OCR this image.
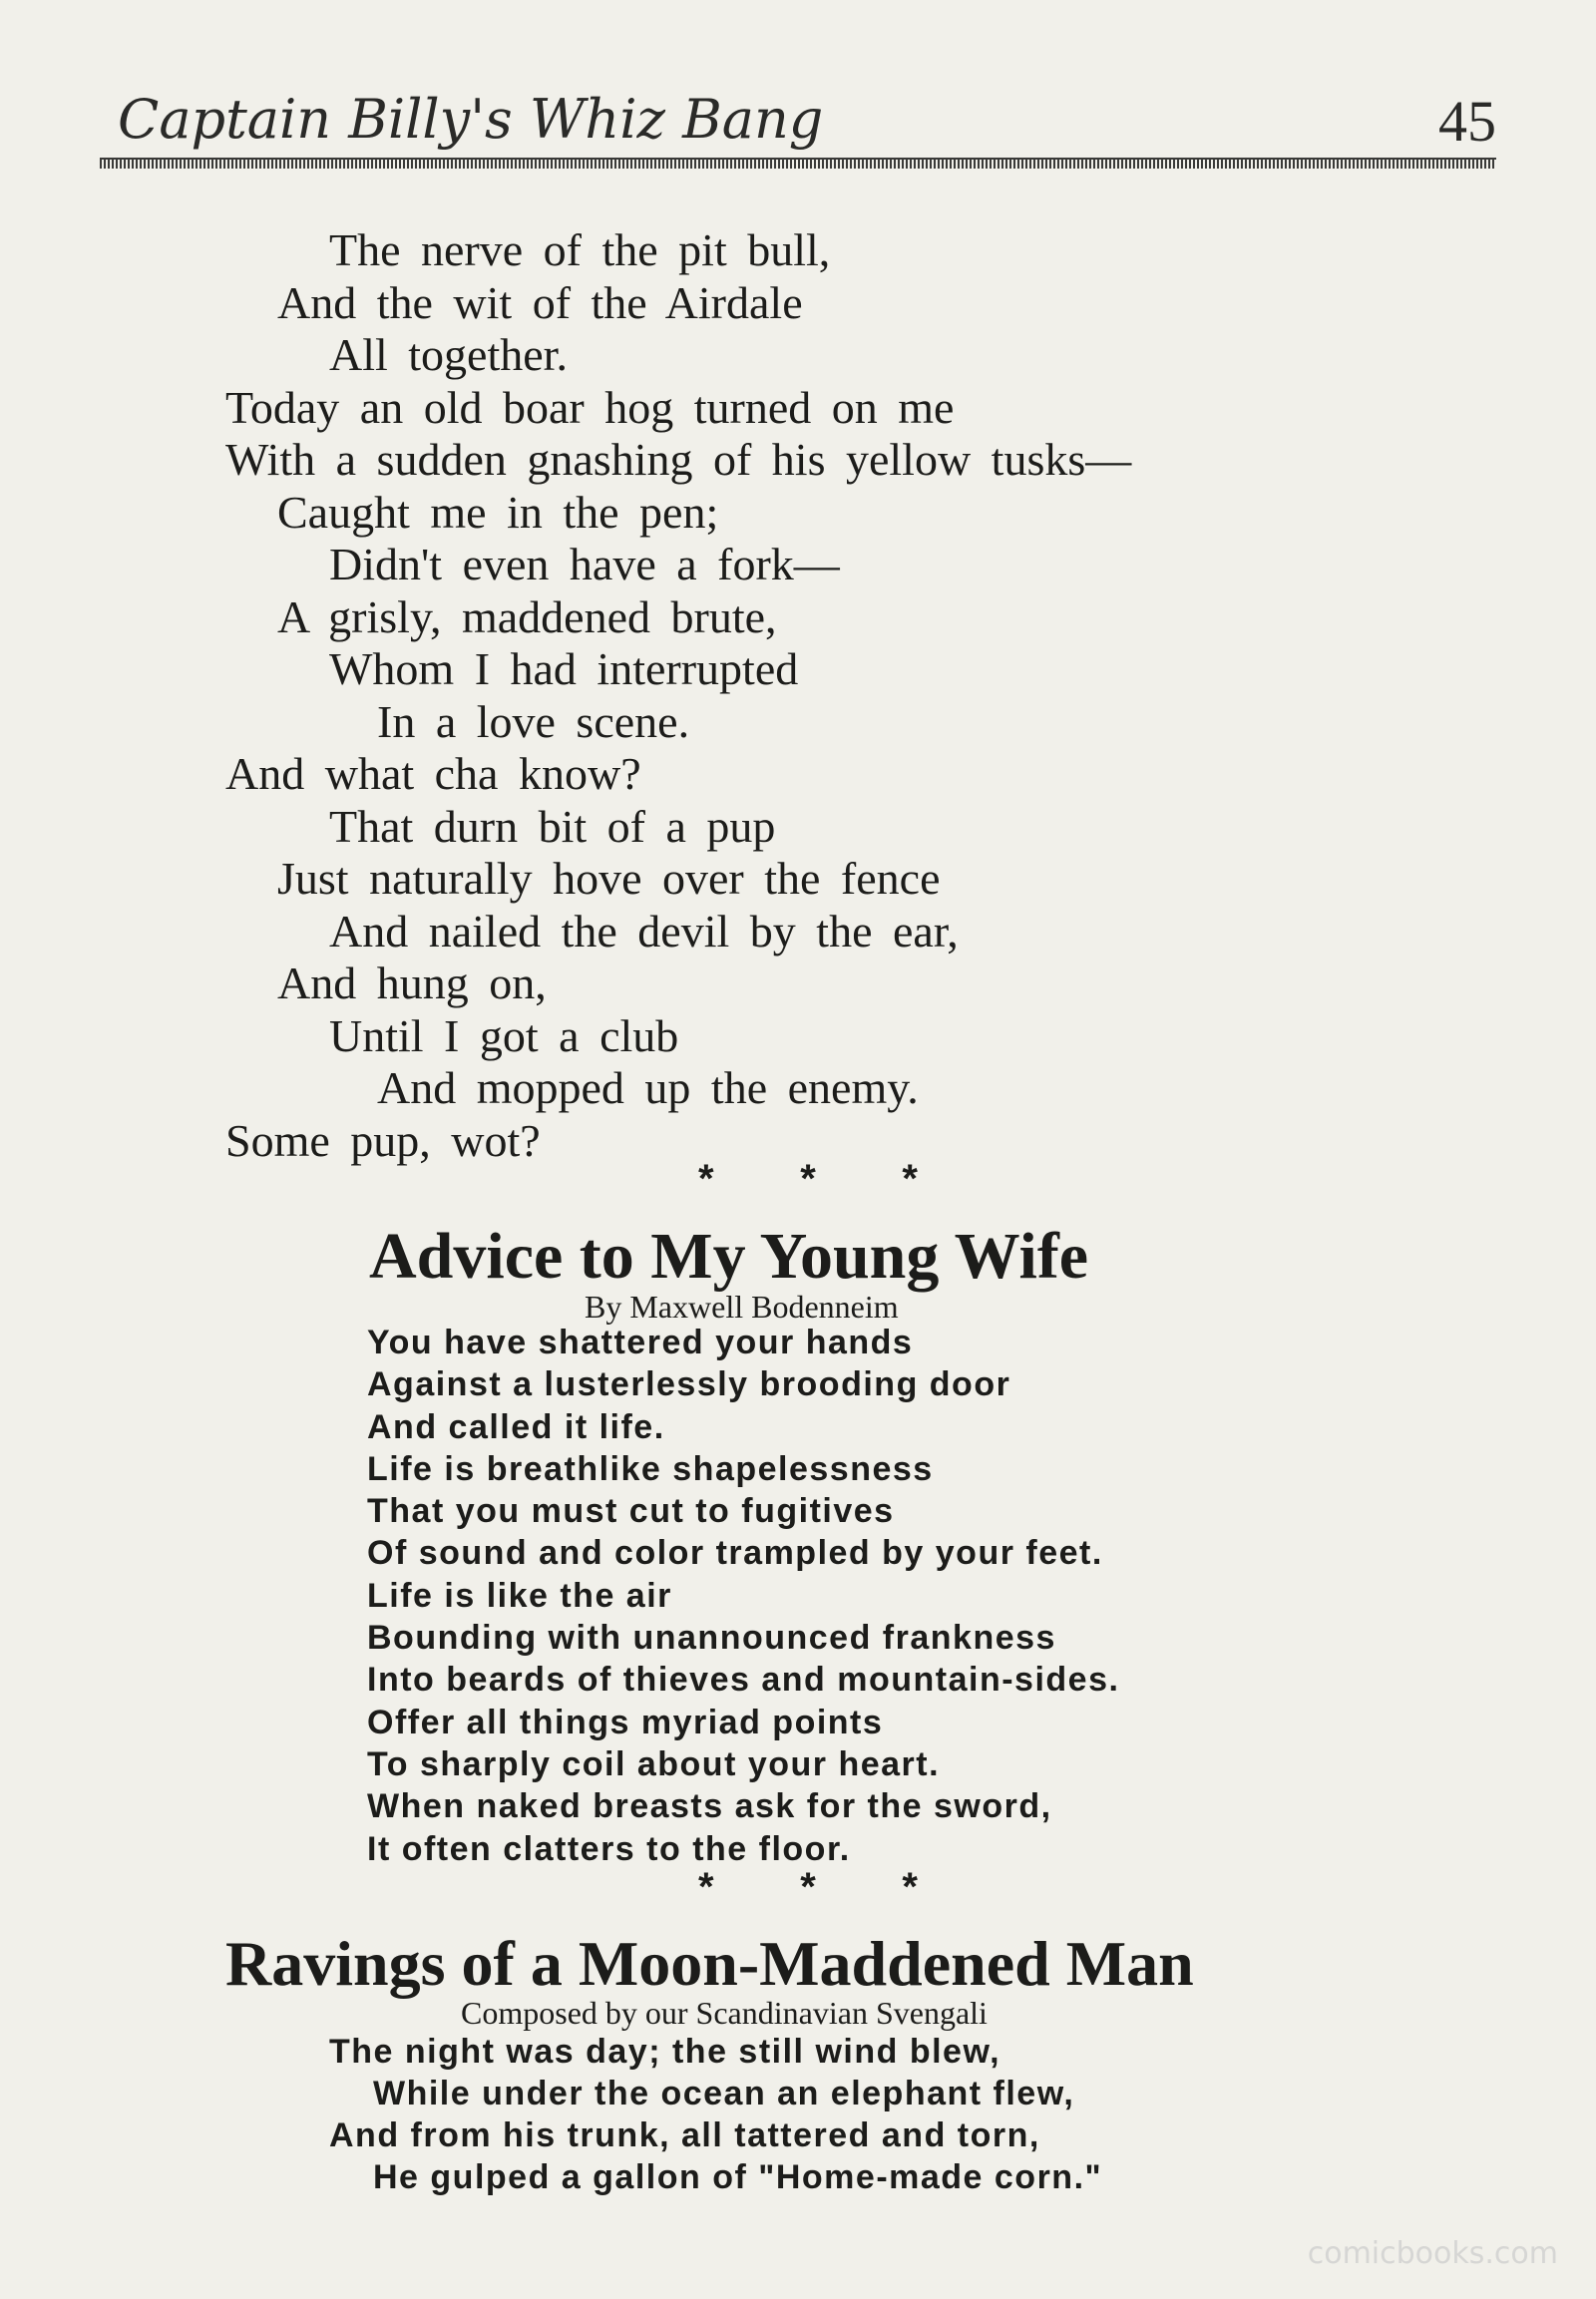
Captain Billy's Whiz Bang	45
The nerve of the pit bull,
And the wit of the Airdale
All together.
Today an old boar hog turned on me
With a sudden gnashing of his yellow tusks—
Caught me in the pen;
Didn't even have a fork—
A grisly, maddened brute,
Whom I had interrupted
In a love scene.
And what cha know?
That durn bit of a pup
Just naturally hove over the fence
And nailed the devil by the ear,
And hung on,
Until I got a club
And mopped up the enemy.
Some pup, wot?
* * *
Advice to My Young Wife
By Maxwell Bodenneim
You have shattered your hands
Against a lusterlessly brooding door
And called it life.
Life is breathlike shapelessness
That you must cut to fugitives
Of sound and color trampled by your feet.
Life is like the air
Bounding with unannounced frankness
Into beards of thieves and mountain-sides.
Offer all things myriad points
To sharply coil about your heart.
When naked breasts ask for the sword,
It often clatters to the floor.
* * *
Ravings of a Moon-Maddened Man
Composed by our Scandinavian Svengali
The night was day; the still wind blew,
While under the ocean an elephant flew,
And from his trunk, all tattered and torn,
He gulped a gallon of "Home-made corn."
comicbooks.com
